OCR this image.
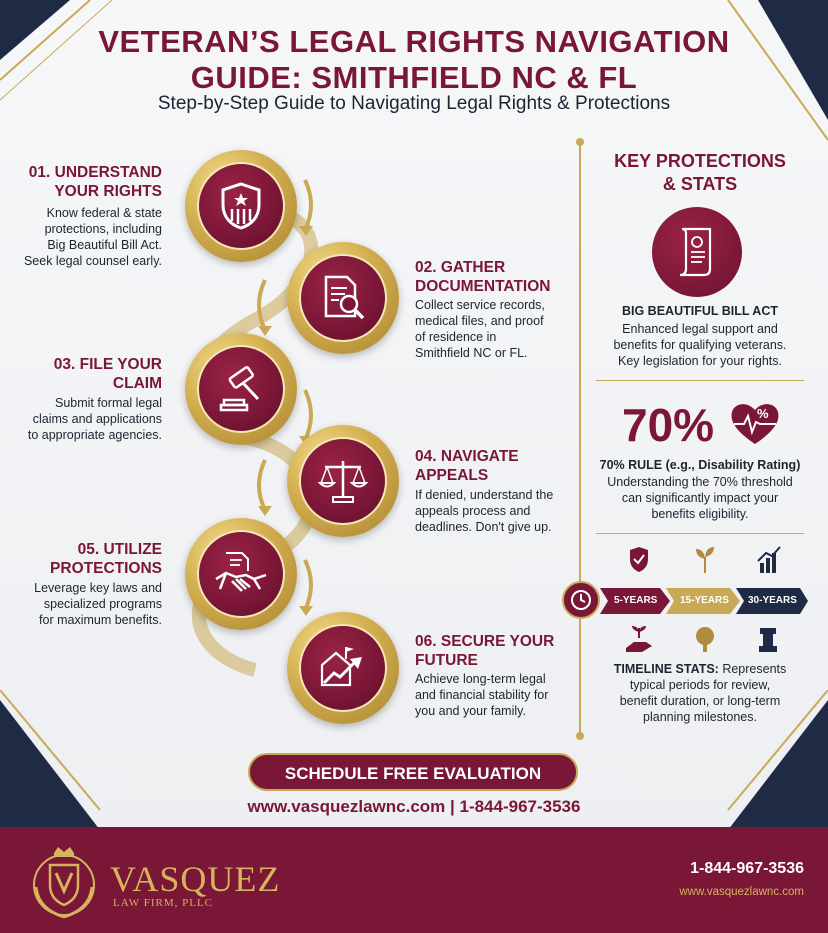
VETERAN’S LEGAL RIGHTS NAVIGATION
GUIDE: SMITHFIELD NC & FL
Step-by-Step Guide to Navigating Legal Rights & Protections
01. UNDERSTAND
YOUR RIGHTS
Know federal & state
protections, including
Big Beautiful Bill Act.
Seek legal counsel early.	02. GATHER
DOCUMENTATION
Collect service records,
medical files, and proof
of residence in
Smithfield NC or FL.
03. FILE YOUR
CLAIM
Submit formal legal
claims and applications
to appropriate agencies.
04. NAVIGATE
APPEALS
If denied, understand the
appeals process and
deadlines. Don't give up.
05. UTILIZE
PROTECTIONS
Leverage key laws and
specialized programs
for maximum benefits.
06. SECURE YOUR
FUTURE
Achieve long-term legal
and financial stability for
you and your family.
KEY PROTECTIONS
& STATS
BIG BEAUTIFUL BILL ACT
Enhanced legal support and
benefits for qualifying veterans.
Key legislation for your rights.
70%	%
70% RULE (e.g., Disability Rating)
Understanding the 70% threshold
can significantly impact your
benefits eligibility.
5-YEARS 15-YEARS 30-YEARS
TIMELINE STATS: Represents
typical periods for review,
benefit duration, or long-term
planning milestones.
SCHEDULE FREE EVALUATION
www.vasquezlawnc.com | 1-844-967-3536
VASQUEZ
LAW FIRM, PLLC
1-844-967-3536
www.vasquezlawnc.com
